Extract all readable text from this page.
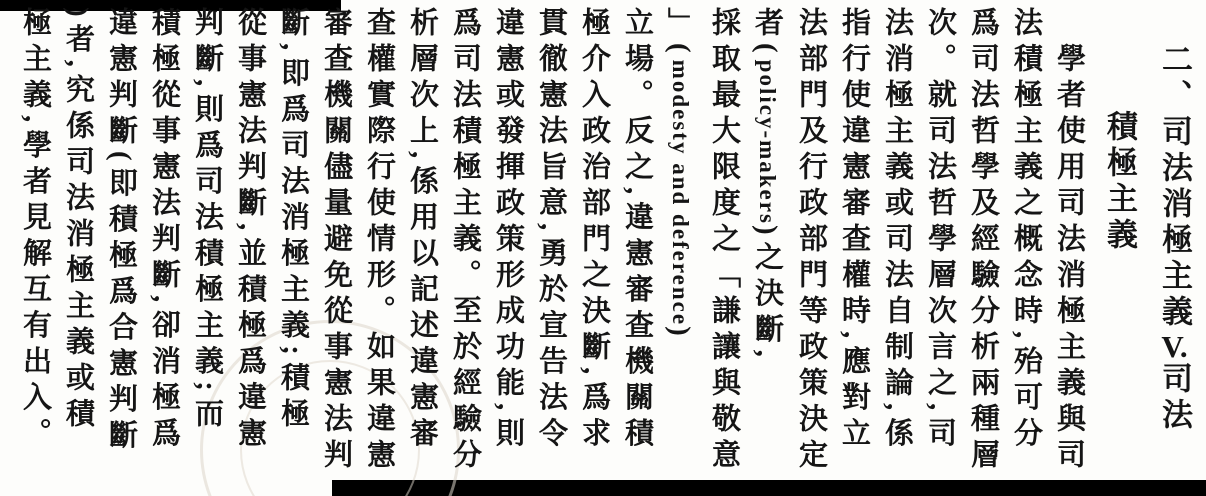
二、司法消極主義V.司法
積極主義
學者使用司法消極主義與司
法積極主義之概念時,殆可分
爲司法哲學及經驗分析兩種層
次。就司法哲學層次言之,司
法消極主義或司法自制論,係
指行使違憲審查權時,應對立
法部門及行政部門等政策決定
者(policy-makers)之決斷,
採取最大限度之「謙讓與敬意
」(modesty and deference)
立場。反之,違憲審查機關積
極介入政治部門之決斷,爲求
貫徹憲法旨意,勇於宣告法令
違憲或發揮政策形成功能,則
爲司法積極主義。至於經驗分
析層次上,係用以記述違憲審
查權實際行使情形。如果違憲
審查機關儘量避免從事憲法判
斷,即爲司法消極主義;積極
從事憲法判斷,並積極爲違憲
判斷,則爲司法積極主義;而
積極從事憲法判斷,卻消極爲
違憲判斷(即積極爲合憲判斷
)者,究係司法消極主義或積
極主義,學者見解互有出入。
